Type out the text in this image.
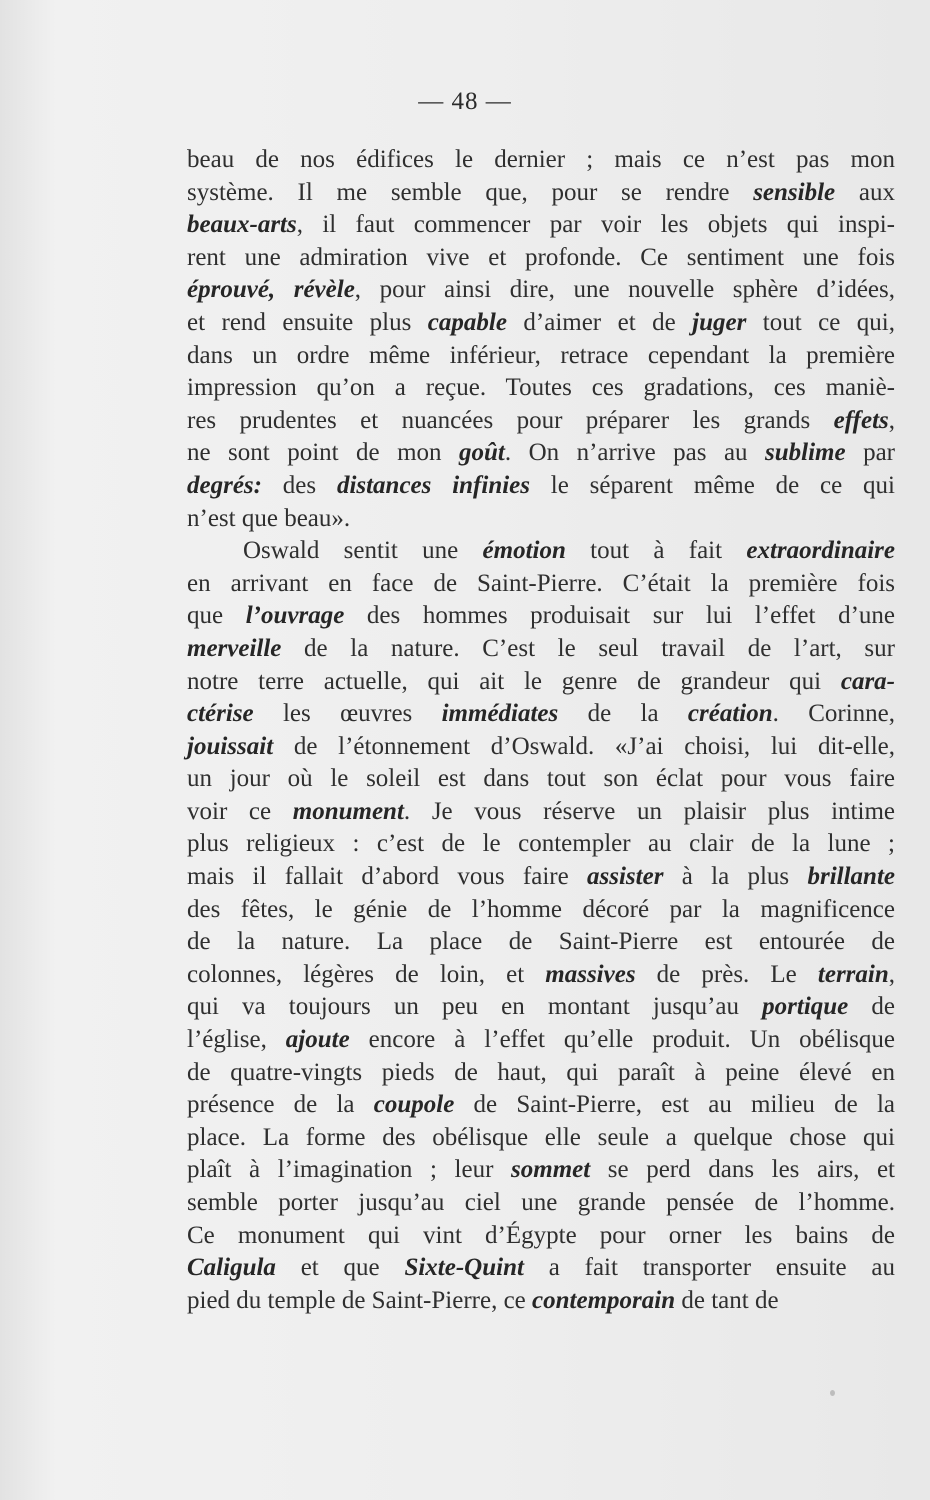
— 48 —
beau de nos édifices le dernier ; mais ce n’est pas mon
système. Il me semble que, pour se rendre sensible aux
beaux-arts, il faut commencer par voir les objets qui inspi-
rent une admiration vive et profonde. Ce sentiment une fois
éprouvé, révèle, pour ainsi dire, une nouvelle sphère d’idées,
et rend ensuite plus capable d’aimer et de juger tout ce qui,
dans un ordre même inférieur, retrace cependant la première
impression qu’on a reçue. Toutes ces gradations, ces maniè-
res prudentes et nuancées pour préparer les grands effets,
ne sont point de mon goût. On n’arrive pas au sublime par
degrés: des distances infinies le séparent même de ce qui
n’est que beau».
Oswald sentit une émotion tout à fait extraordinaire
en arrivant en face de Saint-Pierre. C’était la première fois
que l’ouvrage des hommes produisait sur lui l’effet d’une
merveille de la nature. C’est le seul travail de l’art, sur
notre terre actuelle, qui ait le genre de grandeur qui cara-
ctérise les œuvres immédiates de la création. Corinne,
jouissait de l’étonnement d’Oswald. «J’ai choisi, lui dit-elle,
un jour où le soleil est dans tout son éclat pour vous faire
voir ce monument. Je vous réserve un plaisir plus intime
plus religieux : c’est de le contempler au clair de la lune ;
mais il fallait d’abord vous faire assister à la plus brillante
des fêtes, le génie de l’homme décoré par la magnificence
de la nature. La place de Saint-Pierre est entourée de
colonnes, légères de loin, et massives de près. Le terrain,
qui va toujours un peu en montant jusqu’au portique de
l’église, ajoute encore à l’effet qu’elle produit. Un obélisque
de quatre-vingts pieds de haut, qui paraît à peine élevé en
présence de la coupole de Saint-Pierre, est au milieu de la
place. La forme des obélisque elle seule a quelque chose qui
plaît à l’imagination ; leur sommet se perd dans les airs, et
semble porter jusqu’au ciel une grande pensée de l’homme.
Ce monument qui vint d’Égypte pour orner les bains de
Caligula et que Sixte-Quint a fait transporter ensuite au
pied du temple de Saint-Pierre, ce contemporain de tant de
